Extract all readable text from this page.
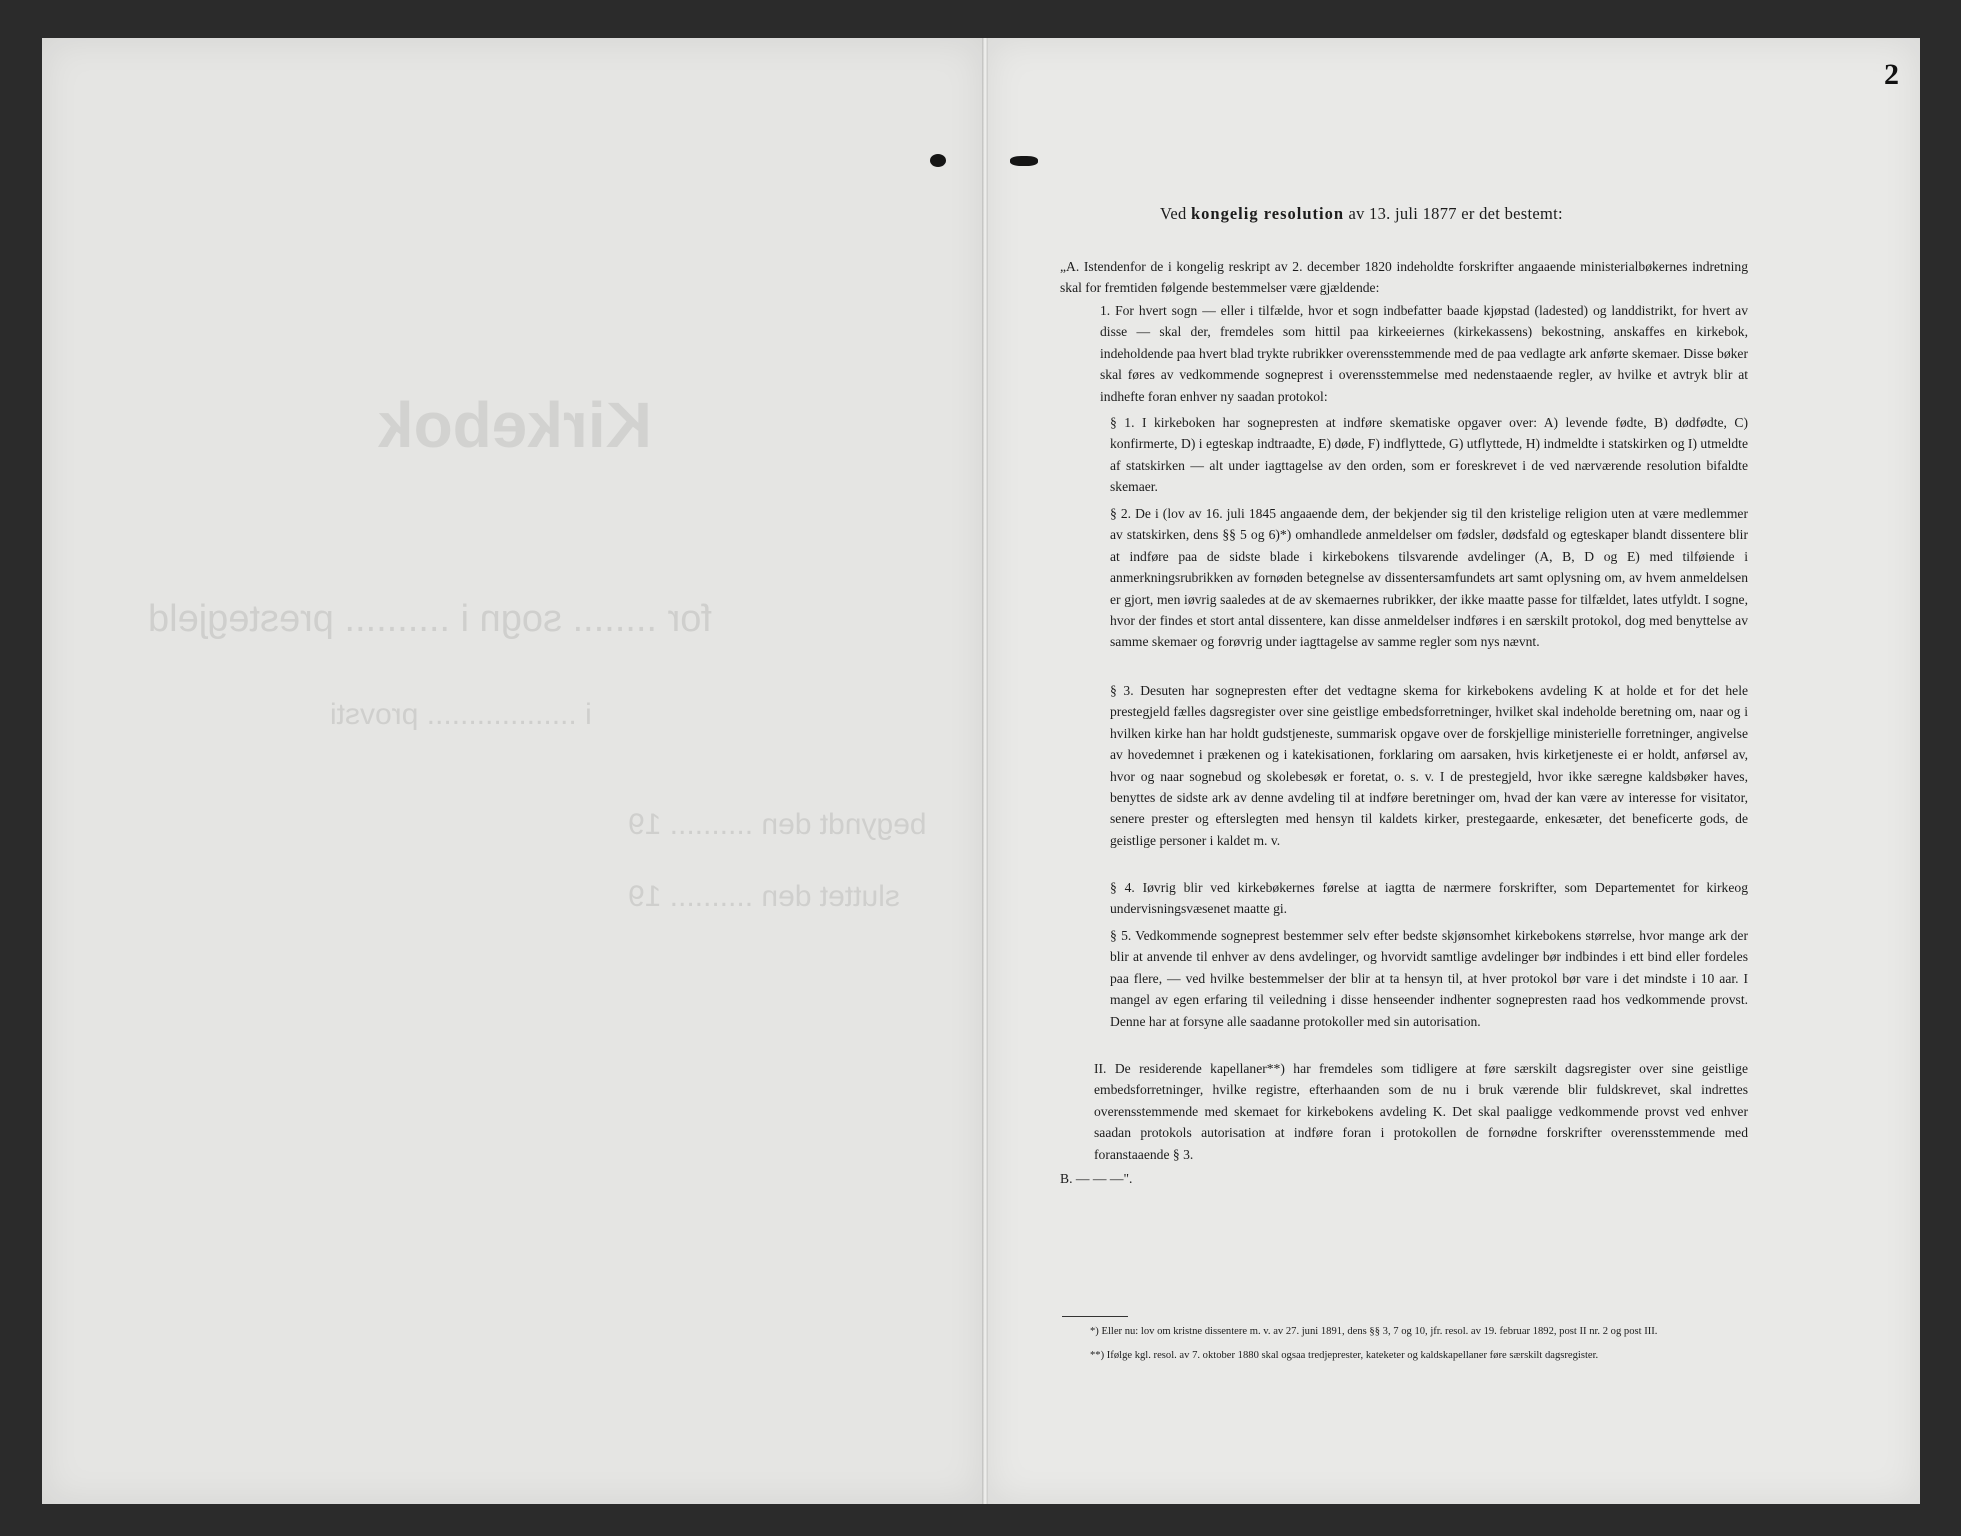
Kirkebok
for ........ sogn i .......... prestegjeld
i .................. provsti
begyndt den .......... 19
sluttet den .......... 19
2
Ved kongelig resolution av 13. juli 1877 er det bestemt:
„A. Istendenfor de i kongelig reskript av 2. december 1820 indeholdte forskrifter angaaende ministerialbøkernes indretning skal for fremtiden følgende bestemmelser være gjældende:
1. For hvert sogn — eller i tilfælde, hvor et sogn indbefatter baade kjøpstad (ladested) og landdistrikt, for hvert av disse — skal der, fremdeles som hittil paa kirkeeiernes (kirkekassens) bekostning, anskaffes en kirkebok, indeholdende paa hvert blad trykte rubrikker overensstemmende med de paa vedlagte ark anførte skemaer. Disse bøker skal føres av vedkommende sogneprest i overensstemmelse med nedenstaaende regler, av hvilke et avtryk blir at indhefte foran enhver ny saadan protokol:
§ 1. I kirkeboken har sognepresten at indføre skematiske opgaver over: A) levende fødte, B) dødfødte, C) konfirmerte, D) i egteskap indtraadte, E) døde, F) indflyttede, G) utflyttede, H) indmeldte i statskirken og I) utmeldte af statskirken — alt under iagttagelse av den orden, som er foreskrevet i de ved nærværende resolution bifaldte skemaer.
§ 2. De i (lov av 16. juli 1845 angaaende dem, der bekjender sig til den kristelige religion uten at være medlemmer av statskirken, dens §§ 5 og 6)*) omhandlede anmeldelser om fødsler, dødsfald og egteskaper blandt dissentere blir at indføre paa de sidste blade i kirkebokens tilsvarende avdelinger (A, B, D og E) med tilføiende i anmerkningsrubrikken av fornøden betegnelse av dissentersamfundets art samt oplysning om, av hvem anmeldelsen er gjort, men iøvrig saaledes at de av skemaernes rubrikker, der ikke maatte passe for tilfældet, lates utfyldt. I sogne, hvor der findes et stort antal dissentere, kan disse anmeldelser indføres i en særskilt protokol, dog med benyttelse av samme skemaer og forøvrig under iagttagelse av samme regler som nys nævnt.
§ 3. Desuten har sognepresten efter det vedtagne skema for kirkebokens avdeling K at holde et for det hele prestegjeld fælles dagsregister over sine geistlige embedsforretninger, hvilket skal indeholde beretning om, naar og i hvilken kirke han har holdt gudstjeneste, summarisk opgave over de forskjellige ministerielle forretninger, angivelse av hovedemnet i prækenen og i katekisationen, forklaring om aarsaken, hvis kirketjeneste ei er holdt, anførsel av, hvor og naar sognebud og skolebesøk er foretat, o. s. v. I de prestegjeld, hvor ikke særegne kaldsbøker haves, benyttes de sidste ark av denne avdeling til at indføre beretninger om, hvad der kan være av interesse for visitator, senere prester og efterslegten med hensyn til kaldets kirker, prestegaarde, enkesæter, det beneficerte gods, de geistlige personer i kaldet m. v.
§ 4. Iøvrig blir ved kirkebøkernes førelse at iagtta de nærmere forskrifter, som Departementet for kirkeog undervisningsvæsenet maatte gi.
§ 5. Vedkommende sogneprest bestemmer selv efter bedste skjønsomhet kirkebokens størrelse, hvor mange ark der blir at anvende til enhver av dens avdelinger, og hvorvidt samtlige avdelinger bør indbindes i ett bind eller fordeles paa flere, — ved hvilke bestemmelser der blir at ta hensyn til, at hver protokol bør vare i det mindste i 10 aar. I mangel av egen erfaring til veiledning i disse henseender indhenter sognepresten raad hos vedkommende provst. Denne har at forsyne alle saadanne protokoller med sin autorisation.
II. De residerende kapellaner**) har fremdeles som tidligere at føre særskilt dagsregister over sine geistlige embedsforretninger, hvilke registre, efterhaanden som de nu i bruk værende blir fuldskrevet, skal indrettes overensstemmende med skemaet for kirkebokens avdeling K. Det skal paaligge vedkommende provst ved enhver saadan protokols autorisation at indføre foran i protokollen de fornødne forskrifter overensstemmende med foranstaaende § 3.
B. — — —".
*) Eller nu: lov om kristne dissentere m. v. av 27. juni 1891, dens §§ 3, 7 og 10, jfr. resol. av 19. februar 1892, post II nr. 2 og post III.
**) Ifølge kgl. resol. av 7. oktober 1880 skal ogsaa tredjeprester, kateketer og kaldskapellaner føre særskilt dagsregister.
